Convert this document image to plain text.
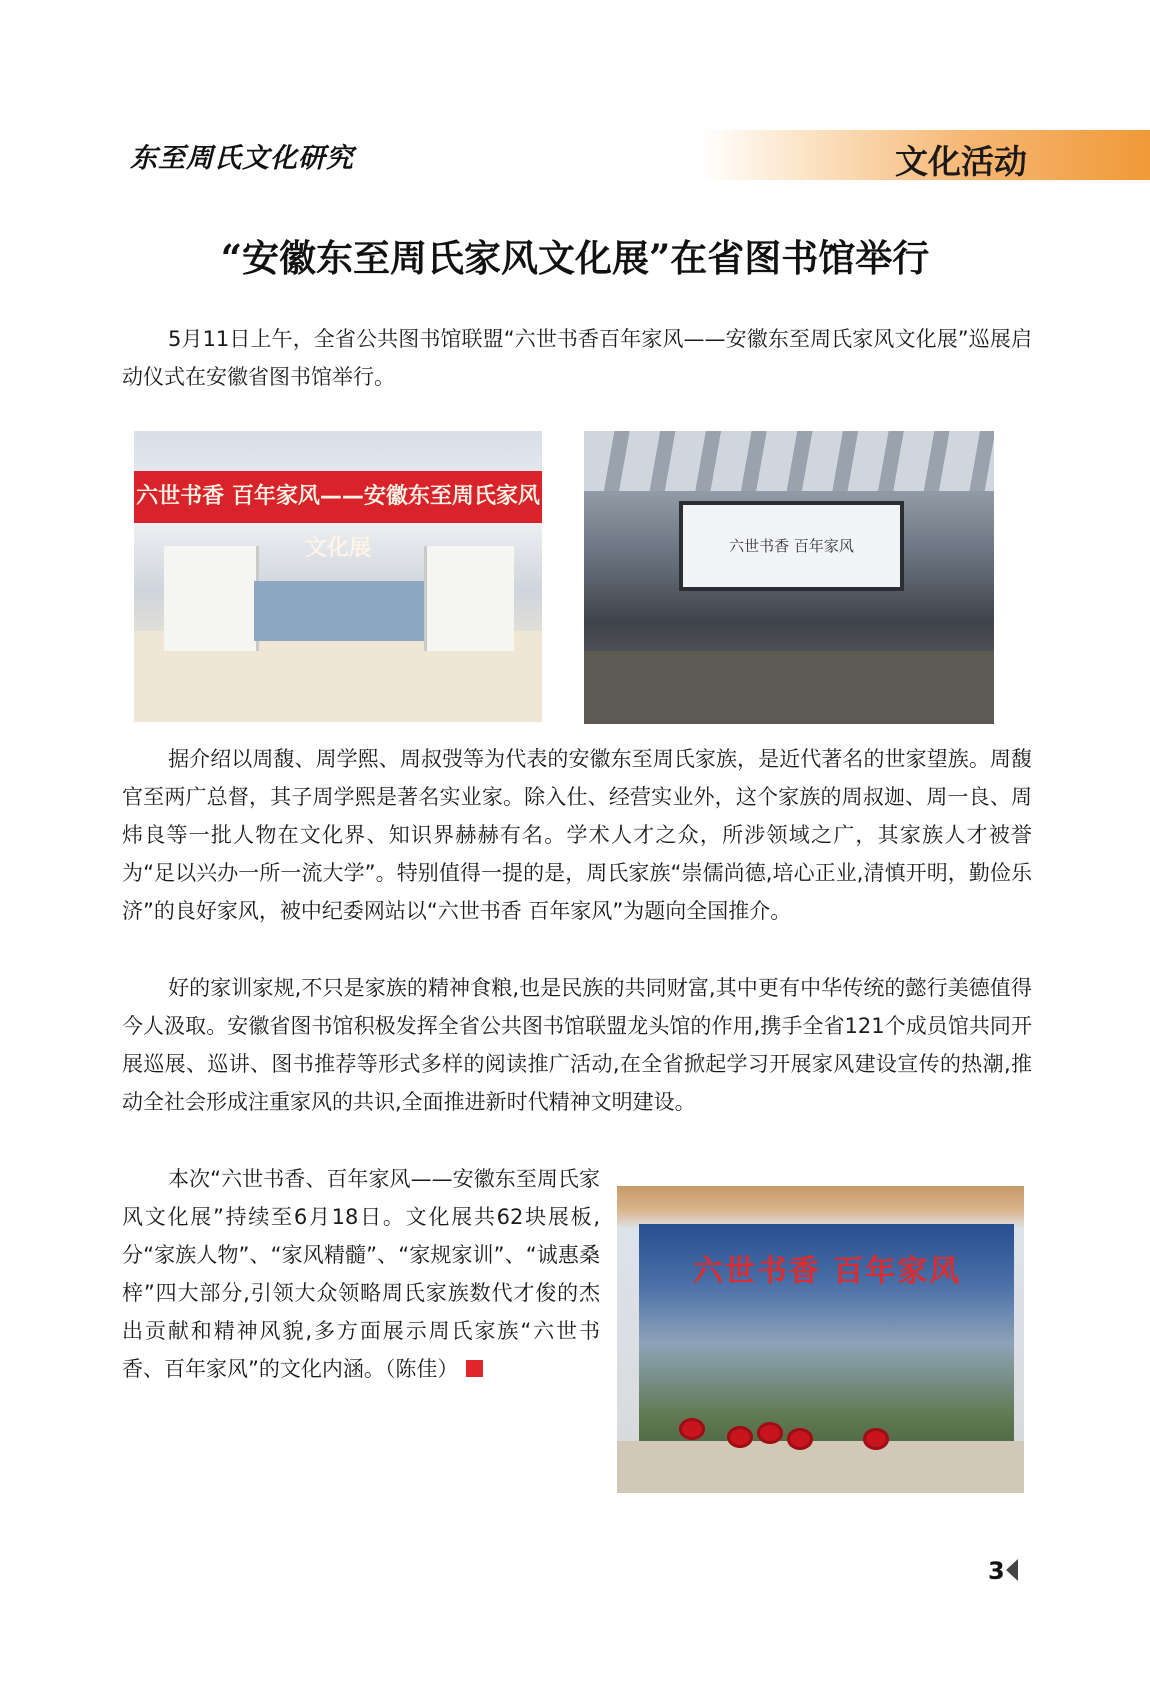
东至周氏文化研究	文化活动
“安徽东至周氏家风文化展”在省图书馆举行

5月11日上午，全省公共图书馆联盟“六世书香百年家风——安徽东至周氏家风文化展”巡展启动仪式在安徽省图书馆举行。

六世书香 百年家风——安徽东至周氏家风文化展	六世书香 百年家风

据介绍以周馥、周学熙、周叔弢等为代表的安徽东至周氏家族，是近代著名的世家望族。周馥官至两广总督，其子周学熙是著名实业家。除入仕、经营实业外，这个家族的周叔迦、周一良、周炜良等一批人物在文化界、知识界赫赫有名。学术人才之众，所涉领域之广，其家族人才被誉为“足以兴办一所一流大学”。特别值得一提的是，周氏家族“崇儒尚德,培心正业,清慎开明，勤俭乐济”的良好家风，被中纪委网站以“六世书香 百年家风”为题向全国推介。

好的家训家规,不只是家族的精神食粮,也是民族的共同财富,其中更有中华传统的懿行美德值得今人汲取。安徽省图书馆积极发挥全省公共图书馆联盟龙头馆的作用,携手全省121个成员馆共同开展巡展、巡讲、图书推荐等形式多样的阅读推广活动,在全省掀起学习开展家风建设宣传的热潮,推动全社会形成注重家风的共识,全面推进新时代精神文明建设。

本次“六世书香、百年家风——安徽东至周氏家风文化展”持续至6月18日。文化展共62块展板,分“家族人物”、“家风精髓”、“家规家训”、“诚惠桑梓”四大部分,引领大众领略周氏家族数代才俊的杰出贡献和精神风貌,多方面展示周氏家族“六世书香、百年家风”的文化内涵。（陈佳）

六世书香 百年家风
3
